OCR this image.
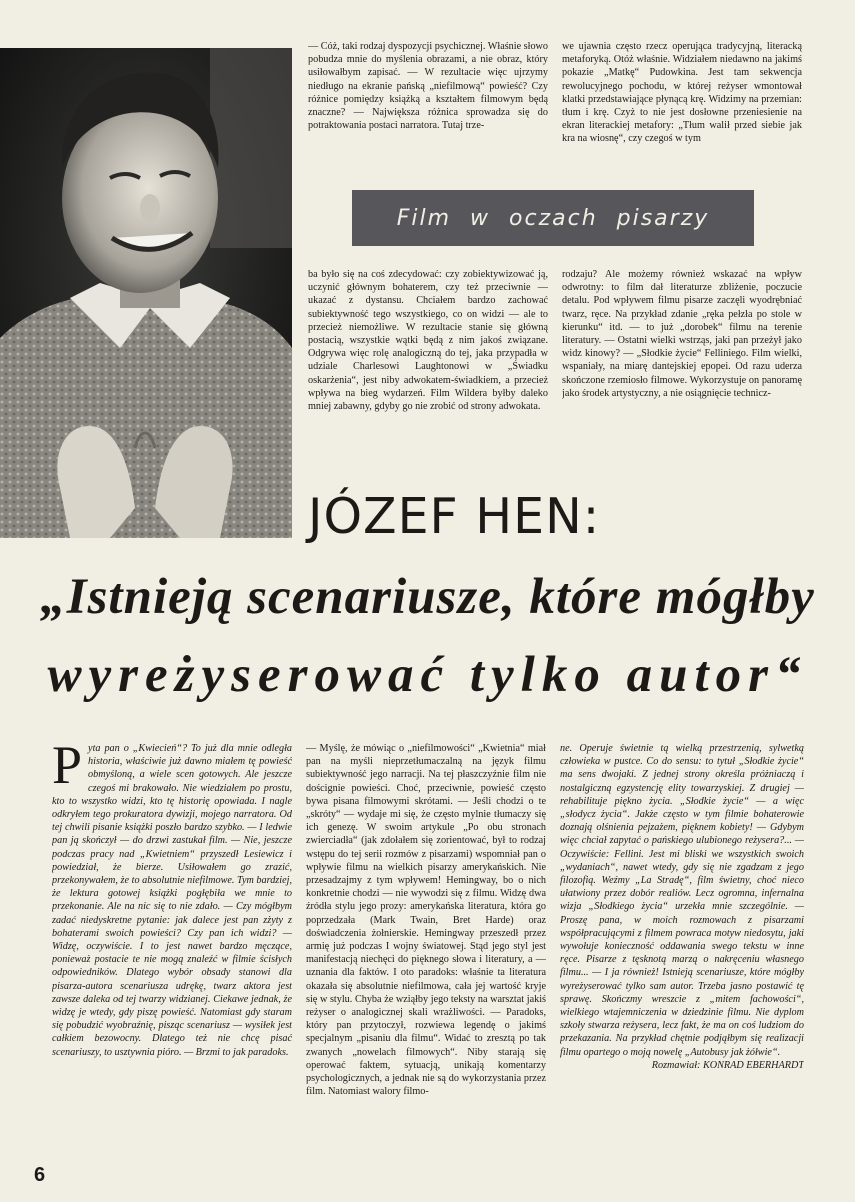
— Cóż, taki rodzaj dyspozycji psychicznej. Właśnie słowo pobudza mnie do myślenia obrazami, a nie obraz, który usiłowałbym zapisać. — W rezultacie więc ujrzymy niedługo na ekranie pańską „niefilmową“ powieść? Czy różnice pomiędzy książką a kształtem filmowym będą znaczne? — Największa różnica sprowadza się do potraktowania postaci narratora. Tutaj trze-

we ujawnia często rzecz operująca tradycyjną, literacką metaforyką. Otóż właśnie. Widziałem niedawno na jakimś pokazie „Matkę“ Pudowkina. Jest tam sekwencja rewolucyjnego pochodu, w której reżyser wmontował klatki przedstawiające płynącą krę. Widzimy na przemian: tłum i krę. Czyż to nie jest dosłowne przeniesienie na ekran literackiej metafory: „Tłum walił przed siebie jak kra na wiosnę“, czy czegoś w tym

Film w oczach pisarzy

ba było się na coś zdecydować: czy zobiektywizować ją, uczynić głównym bohaterem, czy też przeciwnie — ukazać z dystansu. Chciałem bardzo zachować subiektywność tego wszystkiego, co on widzi — ale to przecież niemożliwe. W rezultacie stanie się główną postacią, wszystkie wątki będą z nim jakoś związane. Odgrywa więc rolę analogiczną do tej, jaka przypadła w udziale Charlesowi Laughtonowi w „Świadku oskarżenia“, jest niby adwokatem-świadkiem, a przecież wpływa na bieg wydarzeń. Film Wildera byłby daleko mniej zabawny, gdyby go nie zrobić od strony adwokata.

rodzaju? Ale możemy również wskazać na wpływ odwrotny: to film dał literaturze zbliżenie, poczucie detalu. Pod wpływem filmu pisarze zaczęli wyodrębniać twarz, ręce. Na przykład zdanie „ręka pełzła po stole w kierunku“ itd. — to już „dorobek“ filmu na terenie literatury. — Ostatni wielki wstrząs, jaki pan przeżył jako widz kinowy? — „Słodkie życie“ Felliniego. Film wielki, wspaniały, na miarę dantejskiej epopei. Od razu uderza skończone rzemiosło filmowe. Wykorzystuje on panoramę jako środek artystyczny, a nie osiągnięcie technicz-

JÓZEF HEN:
„Istnieją scenariusze, które mógłby
wyreżyserować tylko autor“
P yta pan o „Kwiecień“? To już dla mnie odległa historia, właściwie już dawno miałem tę powieść obmyśloną, a wiele scen gotowych. Ale jeszcze czegoś mi brakowało. Nie wiedziałem po prostu, kto to wszystko widzi, kto tę historię opowiada. I nagle odkryłem tego prokuratora dywizji, mojego narratora. Od tej chwili pisanie książki poszło bardzo szybko. — I ledwie pan ją skończył — do drzwi zastukał film. — Nie, jeszcze podczas pracy nad „Kwietniem“ przyszedł Lesiewicz i powiedział, że bierze. Usiłowałem go zrazić, przekonywałem, że to absolutnie niefilmowe. Tym bardziej, że lektura gotowej książki pogłębiła we mnie to przekonanie. Ale na nic się to nie zdało. — Czy mógłbym zadać niedyskretne pytanie: jak dalece jest pan zżyty z bohaterami swoich powieści? Czy pan ich widzi? — Widzę, oczywiście. I to jest nawet bardzo męczące, ponieważ postacie te nie mogą znaleźć w filmie ścisłych odpowiedników. Dlatego wybór obsady stanowi dla pisarza-autora scenariusza udrękę, twarz aktora jest zawsze daleka od tej twarzy widzianej. Ciekawe jednak, że widzę je wtedy, gdy piszę powieść. Natomiast gdy staram się pobudzić wyobraźnię, pisząc scenariusz — wysiłek jest całkiem bezowocny. Dlatego też nie chcę pisać scenariuszy, to usztywnia pióro. — Brzmi to jak paradoks.

— Myślę, że mówiąc o „niefilmowości“ „Kwietnia“ miał pan na myśli nieprzetłumaczalną na język filmu subiektywność jego narracji. Na tej płaszczyźnie film nie doścignie powieści. Choć, przeciwnie, powieść często bywa pisana filmowymi skrótami. — Jeśli chodzi o te „skróty“ — wydaje mi się, że często mylnie tłumaczy się ich genezę. W swoim artykule „Po obu stronach zwierciadła“ (jak zdołałem się zorientować, był to rodzaj wstępu do tej serii rozmów z pisarzami) wspomniał pan o wpływie filmu na wielkich pisarzy amerykańskich. Nie przesadzajmy z tym wpływem! Hemingway, bo o nich konkretnie chodzi — nie wywodzi się z filmu. Widzę dwa źródła stylu jego prozy: amerykańska literatura, która go poprzedzała (Mark Twain, Bret Harde) oraz doświadczenia żołnierskie. Hemingway przeszedł przez armię już podczas I wojny światowej. Stąd jego styl jest manifestacją niechęci do pięknego słowa i literatury, a — uznania dla faktów. I oto paradoks: właśnie ta literatura okazała się absolutnie niefilmowa, cała jej wartość kryje się w stylu. Chyba że wziąłby jego teksty na warsztat jakiś reżyser o analogicznej skali wrażliwości. — Paradoks, który pan przytoczył, rozwiewa legendę o jakimś specjalnym „pisaniu dla filmu“. Widać to zresztą po tak zwanych „nowelach filmowych“. Niby starają się operować faktem, sytuacją, unikają komentarzy psychologicznych, a jednak nie są do wykorzystania przez film. Natomiast walory filmo-

ne. Operuje świetnie tą wielką przestrzenią, sylwetką człowieka w pustce. Co do sensu: to tytuł „Słodkie życie“ ma sens dwojaki. Z jednej strony określa próżniaczą i nostalgiczną egzystencję elity towarzyskiej. Z drugiej — rehabilituje piękno życia. „Słodkie życie“ — a więc „słodycz życia“. Jakże często w tym filmie bohaterowie doznają olśnienia pejzażem, pięknem kobiety! — Gdybym więc chciał zapytać o pańskiego ulubionego reżysera?... — Oczywiście: Fellini. Jest mi bliski we wszystkich swoich „wydaniach“, nawet wtedy, gdy się nie zgadzam z jego filozofią. Weźmy „La Stradę“, film świetny, choć nieco ułatwiony przez dobór realiów. Lecz ogromna, infernalna wizja „Słodkiego życia“ urzekła mnie szczególnie. — Proszę pana, w moich rozmowach z pisarzami współpracującymi z filmem powraca motyw niedosytu, jaki wywołuje konieczność oddawania swego tekstu w inne ręce. Pisarze z tęsknotą marzą o nakręceniu własnego filmu... — I ja również! Istnieją scenariusze, które mógłby wyreżyserować tylko sam autor. Trzeba jasno postawić tę sprawę. Skończmy wreszcie z „mitem fachowości“, wielkiego wtajemniczenia w dziedzinie filmu. Nie dyplom szkoły stwarza reżysera, lecz fakt, że ma on coś ludziom do przekazania. Na przykład chętnie podjąłbym się realizacji filmu opartego o moją nowelę „Autobusy jak żółwie“.

Rozmawiał: KONRAD EBERHARDT

6
